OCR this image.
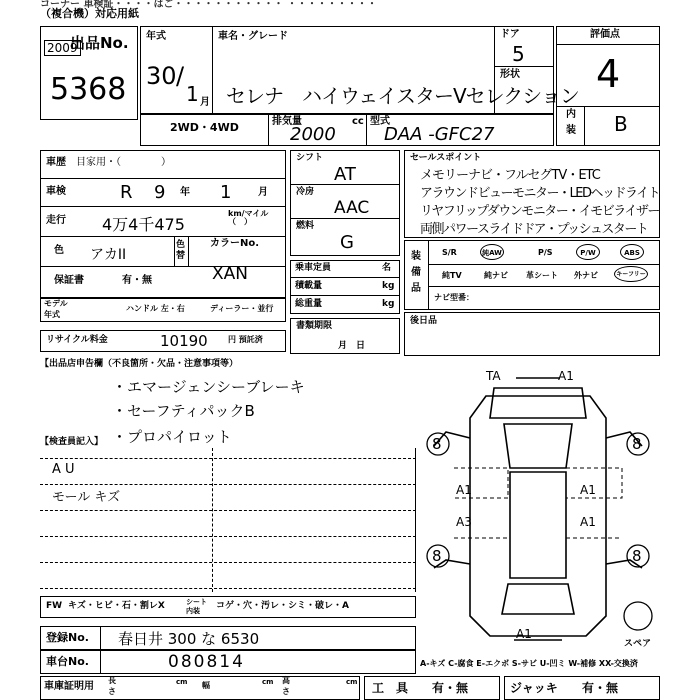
コーナー 車検証・・・・はご・・・・・・・・・・・ ・・・・・・・・・
（複合機）対応用紙
出品No.
2009
5368
年式
30 /
1 月
車名・グレード
セレナ　ハイウェイスターVセレクション
ドア
5
形状
2WD・4WD	排気量	cc
2000
型式
DAA -GFC27
評価点
4
内
装 B
車歴 目家用・（　　　　）
車検	R 9 年 1	月
走行 4万4千475
km/マイル（　）
色 アカII
色替
カラーNo.
XAN
保証書	有・無
モデル
年式
ハンドル 左・右	ディーラー・並行
リサイクル料金	10190	円 預託済
シフト
AT
冷房
AAC
燃料
G
乗車定員	名
積載量	kg
総重量	kg
書類期限
月　日
セールスポイント
メモリーナビ・フルセグTV・ETC
アラウンドビューモニター・LEDヘッドライト
リヤフリップダウンモニター・イモビライザー
両側パワースライドドア・プッシュスタート
装
備
品
S/R	純AW	P/S	P/W	ABS
純TV	純ナビ 革シート 外ナビ	キーフリー
ナビ型番：
後日品
【出品店申告欄（不良箇所・欠品・注意事項等）
・エマージェンシーブレーキ
・セーフティパックB
・プロパイロット
【検査員記入】
A U
モール キズ
FW キズ・ヒビ・石・割レX	シート内装	コゲ・穴・汚レ・シミ・破レ・A
TA	A1
8	8
8	8
A1
A3
A1
A1
A1
スペア
登録No. 春日井 300 な 6530
車台No.	080814	A-キズ C-腐食 E-エクボ S-サビ U-凹ミ W-補修 XX-交換済
車庫証明用
長
さ
cm 幅	cm 高
さ
cm 工　具 有・無	ジャッキ 有・無
